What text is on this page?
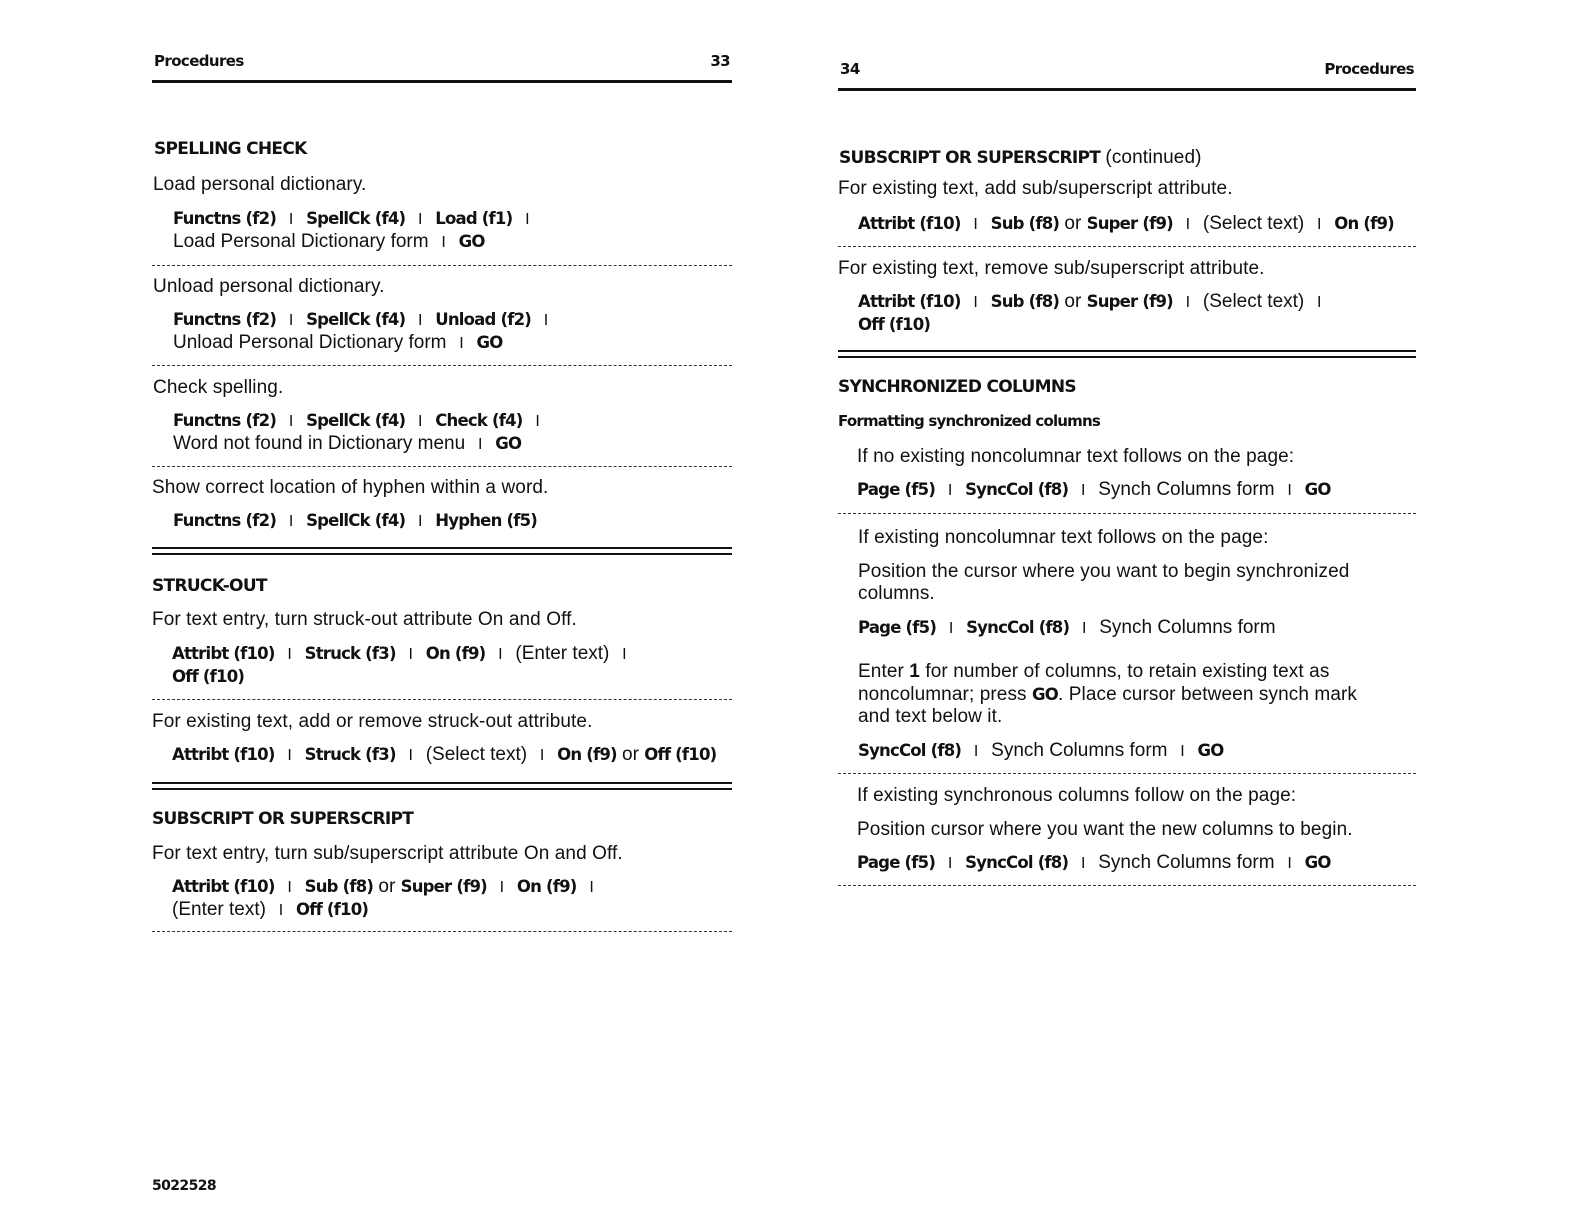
Procedures	33
SPELLING CHECK
Load personal dictionary.
Functns (f2) I SpellCk (f4) I Load (f1) I
Load Personal Dictionary form I GO
Unload personal dictionary.
Functns (f2) I SpellCk (f4) I Unload (f2) I
Unload Personal Dictionary form I GO
Check spelling.
Functns (f2) I SpellCk (f4) I Check (f4) I
Word not found in Dictionary menu I GO
Show correct location of hyphen within a word.
Functns (f2) I SpellCk (f4) I Hyphen (f5)
STRUCK-OUT
For text entry, turn struck-out attribute On and Off.
Attribt (f10) I Struck (f3) I On (f9) I (Enter text) I
Off (f10)
For existing text, add or remove struck-out attribute.
Attribt (f10) I Struck (f3) I (Select text) I On (f9) or Off (f10)
SUBSCRIPT OR SUPERSCRIPT
For text entry, turn sub/superscript attribute On and Off.
Attribt (f10) I Sub (f8) or Super (f9) I On (f9) I
(Enter text) I Off (f10)
5022528
34	Procedures
SUBSCRIPT OR SUPERSCRIPT (continued)
For existing text, add sub/superscript attribute.
Attribt (f10) I Sub (f8) or Super (f9) I (Select text) I On (f9)
For existing text, remove sub/superscript attribute.
Attribt (f10) I Sub (f8) or Super (f9) I (Select text) I
Off (f10)
SYNCHRONIZED COLUMNS
Formatting synchronized columns
If no existing noncolumnar text follows on the page:
Page (f5) I SyncCol (f8) I Synch Columns form I GO
If existing noncolumnar text follows on the page:
Position the cursor where you want to begin synchronized
columns.
Page (f5) I SyncCol (f8) I Synch Columns form
Enter 1 for number of columns, to retain existing text as
noncolumnar; press GO. Place cursor between synch mark
and text below it.
SyncCol (f8) I Synch Columns form I GO
If existing synchronous columns follow on the page:
Position cursor where you want the new columns to begin.
Page (f5) I SyncCol (f8) I Synch Columns form I GO
